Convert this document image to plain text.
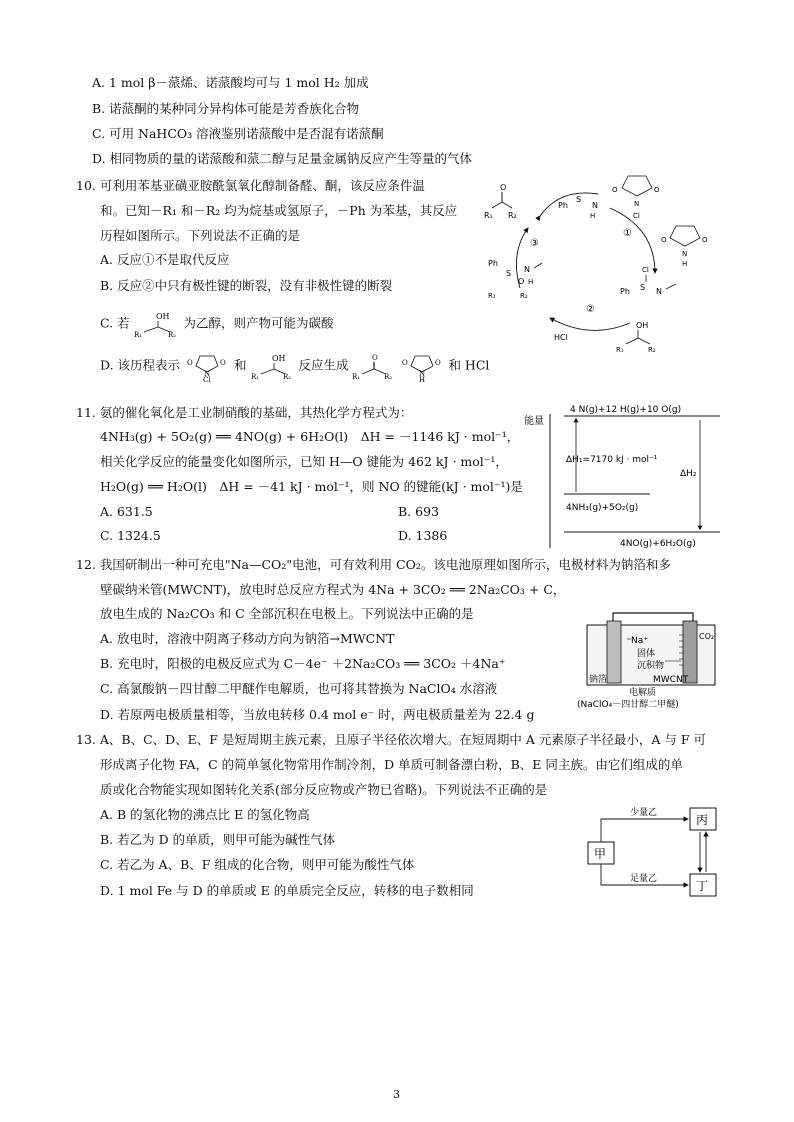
A. 1 mol β－蒎烯、诺蒎酸均可与 1 mol H₂ 加成
B. 诺蒎酮的某种同分异构体可能是芳香族化合物
C. 可用 NaHCO₃ 溶液鉴别诺蒎酸中是否混有诺蒎酮
D. 相同物质的量的诺蒎酸和蒎二醇与足量金属钠反应产生等量的气体
10. 可利用苯基亚磺亚胺酰氯氧化醇制备醛、酮，该反应条件温
和。已知－R₁ 和－R₂ 均为烷基或氢原子，－Ph 为苯基，其反应
历程如图所示。下列说法不正确的是
A. 反应①不是取代反应
B. 反应②中只有极性键的断裂，没有非极性键的断裂
C. 若	OH
R₁	R₂
为乙醇，则产物可能为碳酸
D. 该历程表示 O	O
N
Cl
和	OH
R₁	R₂
反应生成	O
R₁	R₂

O	O
N
H
和 HCl
O
R₁ R₂
Ph
S
N
H
O	O
N
Cl
O	O
N
H
①
②
③
Cl
Ph S N
Ph
S N
O H
R₁	R₂
HCl
OH
R₁	R₂
11. 氨的催化氧化是工业制硝酸的基础，其热化学方程式为：
4NH₃(g) + 5O₂(g) ══ 4NO(g) + 6H₂O(l)　ΔH = －1146 kJ · mol⁻¹，
相关化学反应的能量变化如图所示，已知 H—O 键能为 462 kJ · mol⁻¹，
H₂O(g) ══ H₂O(l)　ΔH = －41 kJ · mol⁻¹，则 NO 的键能(kJ · mol⁻¹)是
A. 631.5	B. 693
C. 1324.5	D. 1386
能量
4 N(g)+12 H(g)+10 O(g)
4NH₃(g)+5O₂(g)
4NO(g)+6H₂O(g)
ΔH₁=7170 kJ · mol⁻¹
ΔH₂
12. 我国研制出一种可充电"Na—CO₂"电池，可有效利用 CO₂。该电池原理如图所示，电极材料为钠箔和多
壁碳纳米管(MWCNT)，放电时总反应方程式为 4Na + 3CO₂ ══ 2Na₂CO₃ + C，
放电生成的 Na₂CO₃ 和 C 全部沉积在电极上。下列说法中正确的是
A. 放电时，溶液中阴离子移动方向为钠箔→MWCNT
B. 充电时，阳极的电极反应式为 C－4e⁻ ＋2Na₂CO₃ ══ 3CO₂ ＋4Na⁺
C. 高氯酸钠－四甘醇二甲醚作电解质，也可将其替换为 NaClO₄ 水溶液
D. 若原两电极质量相等，当放电转移 0.4 mol e⁻ 时，两电极质量差为 22.4 g
Na⁺	CO₂
固体
沉积物
钠箔	MWCNT
电解质
(NaClO₄－四甘醇二甲醚)
13. A、B、C、D、E、F 是短周期主族元素，且原子半径依次增大。在短周期中 A 元素原子半径最小，A 与 F 可
形成离子化物 FA，C 的简单氢化物常用作制冷剂，D 单质可制备漂白粉，B、E 同主族。由它们组成的单
质或化合物能实现如图转化关系(部分反应物或产物已省略)。下列说法不正确的是
A. B 的氢化物的沸点比 E 的氢化物高
B. 若乙为 D 的单质，则甲可能为碱性气体
C. 若乙为 A、B、F 组成的化合物，则甲可能为酸性气体
D. 1 mol Fe 与 D 的单质或 E 的单质完全反应，转移的电子数相同
甲
丙
丁
少量乙
足量乙
3
